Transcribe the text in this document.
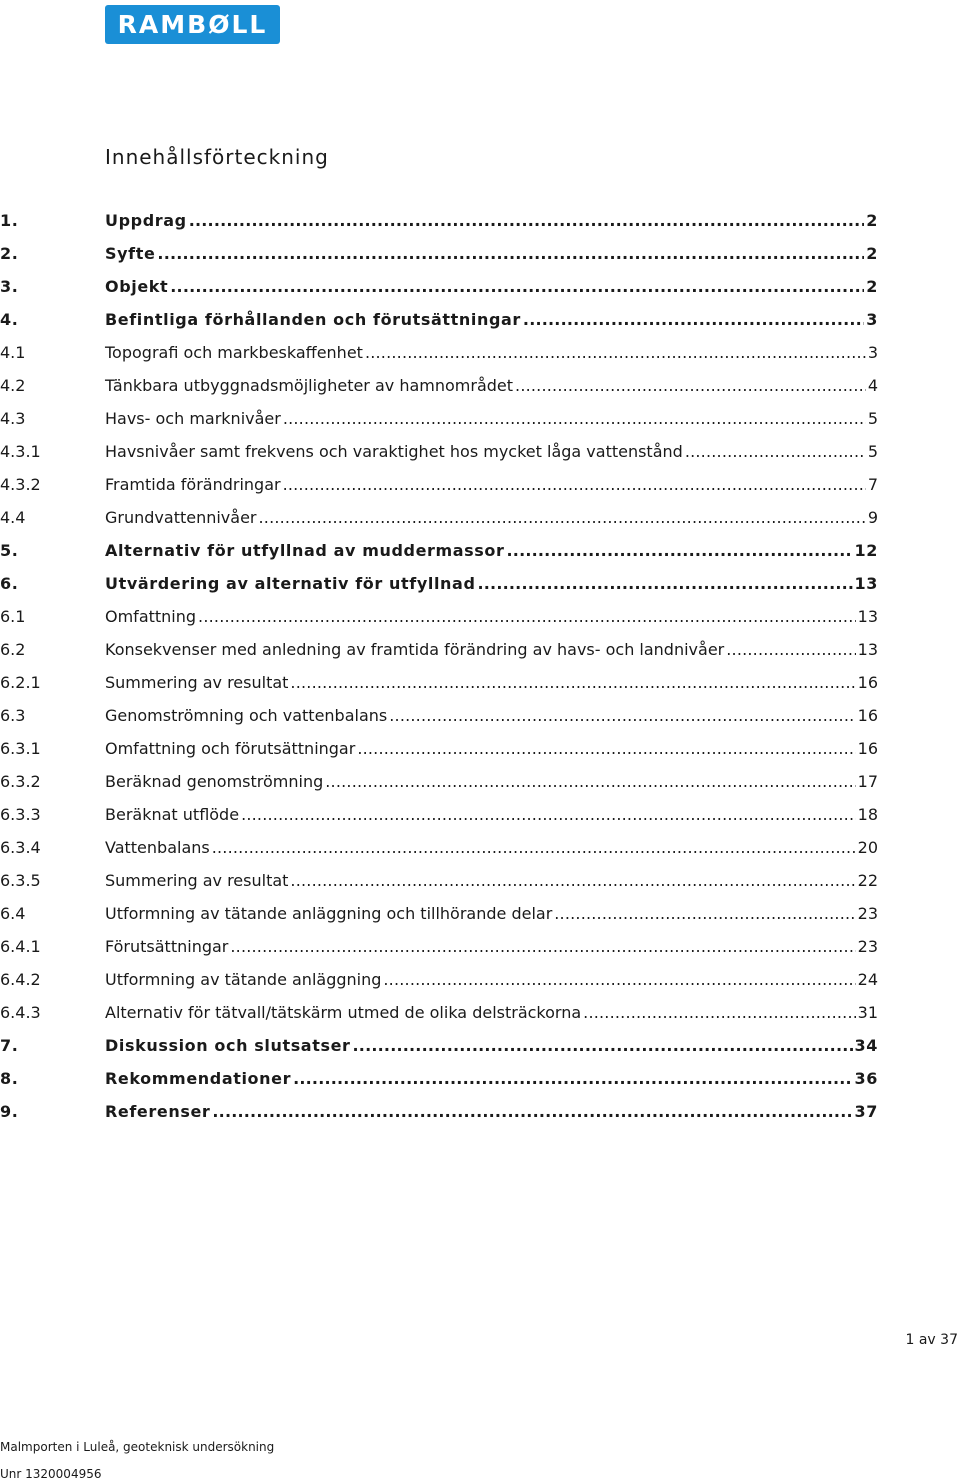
RAMBØLL
Innehållsförteckning
1.	Uppdrag .....	2
2.	Syfte .....	2
3.	Objekt .....	2
4.	Befintliga förhållanden och förutsättningar .....	3
4.1	Topografi och markbeskaffenhet .....	3
4.2	Tänkbara utbyggnadsmöjligheter av hamnområdet .....	4
4.3	Havs- och marknivåer .....	5
4.3.1	Havsnivåer samt frekvens och varaktighet hos mycket låga vattenstånd .....	5
4.3.2	Framtida förändringar .....	7
4.4	Grundvattennivåer .....	9
5.	Alternativ för utfyllnad av muddermassor .....	12
6.	Utvärdering av alternativ för utfyllnad .....	13
6.1	Omfattning .....	13
6.2	Konsekvenser med anledning av framtida förändring av havs- och landnivåer .....	13
6.2.1	Summering av resultat .....	16
6.3	Genomströmning och vattenbalans .....	16
6.3.1	Omfattning och förutsättningar .....	16
6.3.2	Beräknad genomströmning .....	17
6.3.3	Beräknat utflöde .....	18
6.3.4	Vattenbalans .....	20
6.3.5	Summering av resultat .....	22
6.4	Utformning av tätande anläggning och tillhörande delar .....	23
6.4.1	Förutsättningar .....	23
6.4.2	Utformning av tätande anläggning .....	24
6.4.3	Alternativ för tätvall/tätskärm utmed de olika delsträckorna .....	31
7.	Diskussion och slutsatser .....	34
8.	Rekommendationer .....	36
9.	Referenser .....	37
1 av 37
Malmporten i Luleå, geoteknisk undersökning
Unr 1320004956
